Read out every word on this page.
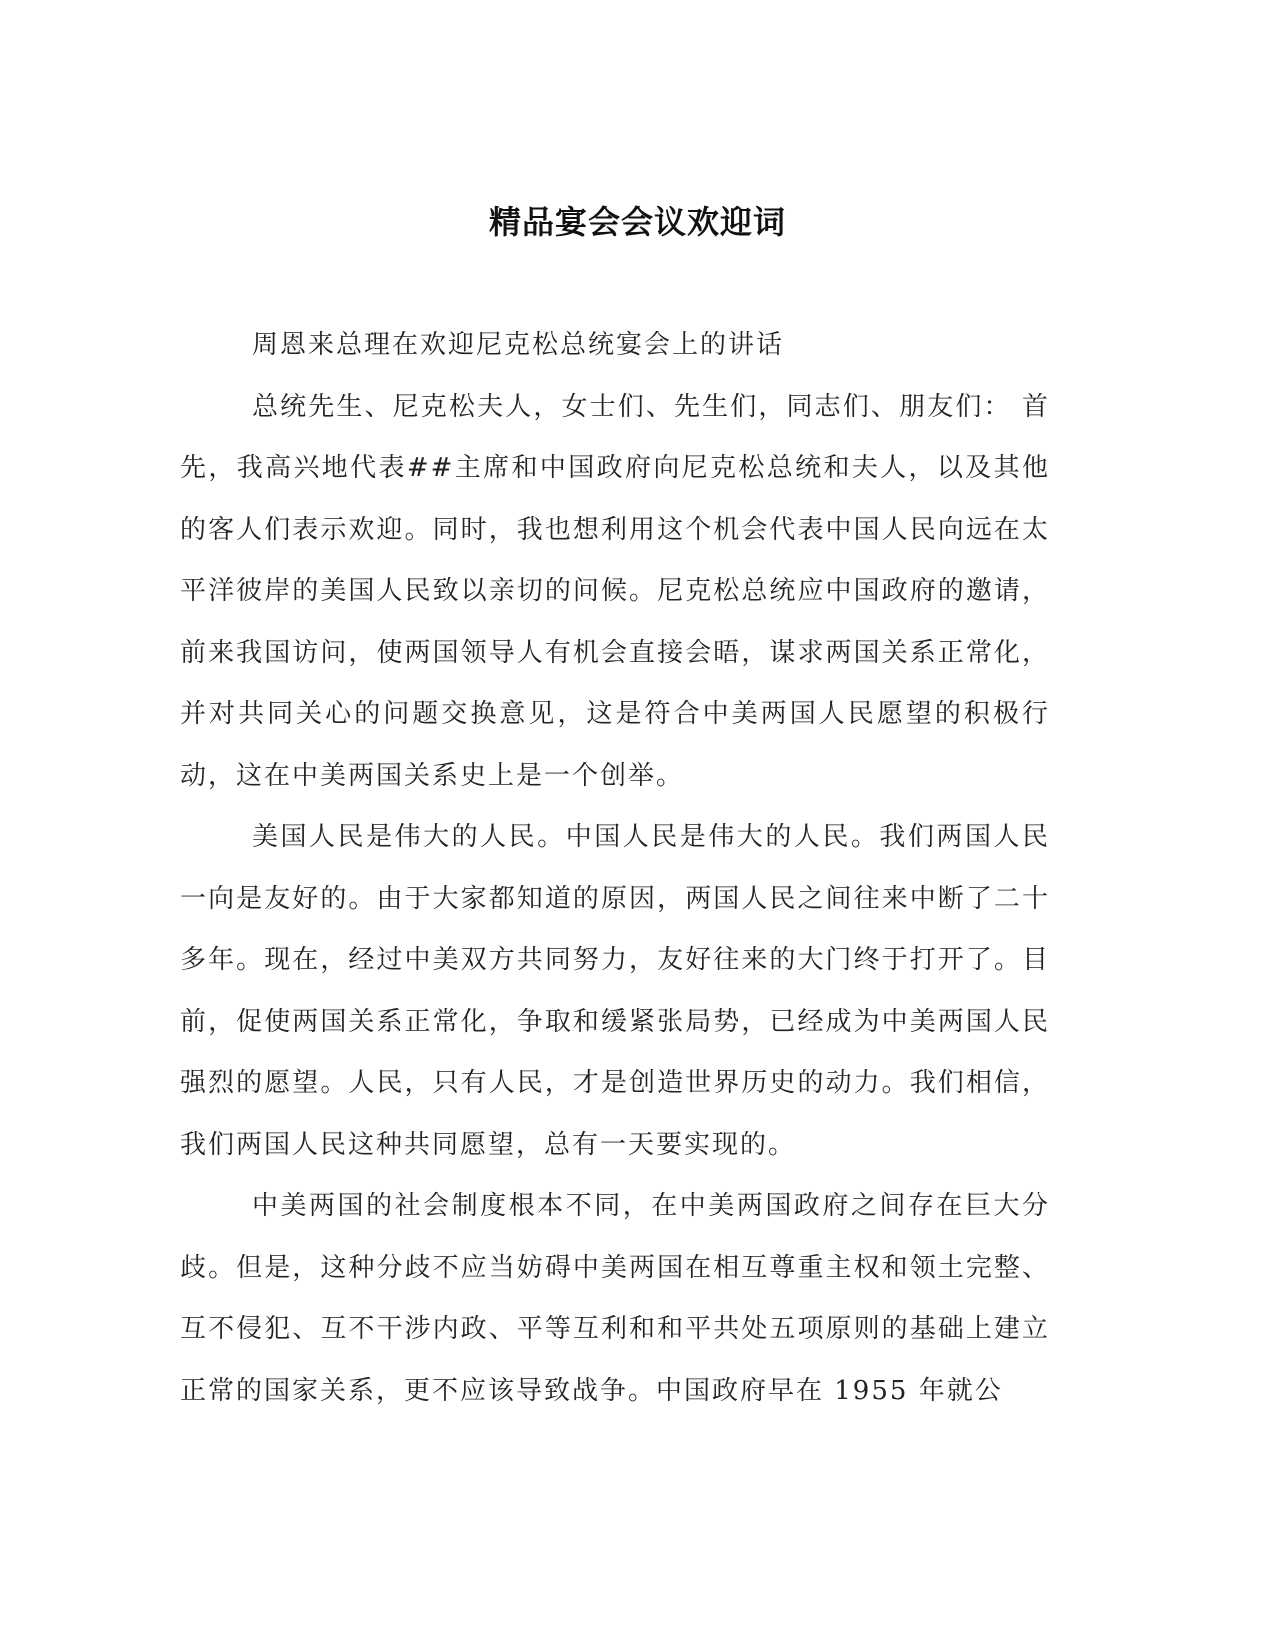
精品宴会会议欢迎词

周恩来总理在欢迎尼克松总统宴会上的讲话

总统先生、尼克松夫人，女士们、先生们，同志们、朋友们： 首先，我高兴地代表##主席和中国政府向尼克松总统和夫人，以及其他的客人们表示欢迎。同时，我也想利用这个机会代表中国人民向远在太平洋彼岸的美国人民致以亲切的问候。尼克松总统应中国政府的邀请，前来我国访问，使两国领导人有机会直接会晤，谋求两国关系正常化，并对共同关心的问题交换意见，这是符合中美两国人民愿望的积极行动，这在中美两国关系史上是一个创举。

美国人民是伟大的人民。中国人民是伟大的人民。我们两国人民一向是友好的。由于大家都知道的原因，两国人民之间往来中断了二十多年。现在，经过中美双方共同努力，友好往来的大门终于打开了。目前，促使两国关系正常化，争取和缓紧张局势，已经成为中美两国人民强烈的愿望。人民，只有人民，才是创造世界历史的动力。我们相信，我们两国人民这种共同愿望，总有一天要实现的。

中美两国的社会制度根本不同，在中美两国政府之间存在巨大分歧。但是，这种分歧不应当妨碍中美两国在相互尊重主权和领土完整、互不侵犯、互不干涉内政、平等互利和和平共处五项原则的基础上建立正常的国家关系，更不应该导致战争。中国政府早在 1955 年就公
